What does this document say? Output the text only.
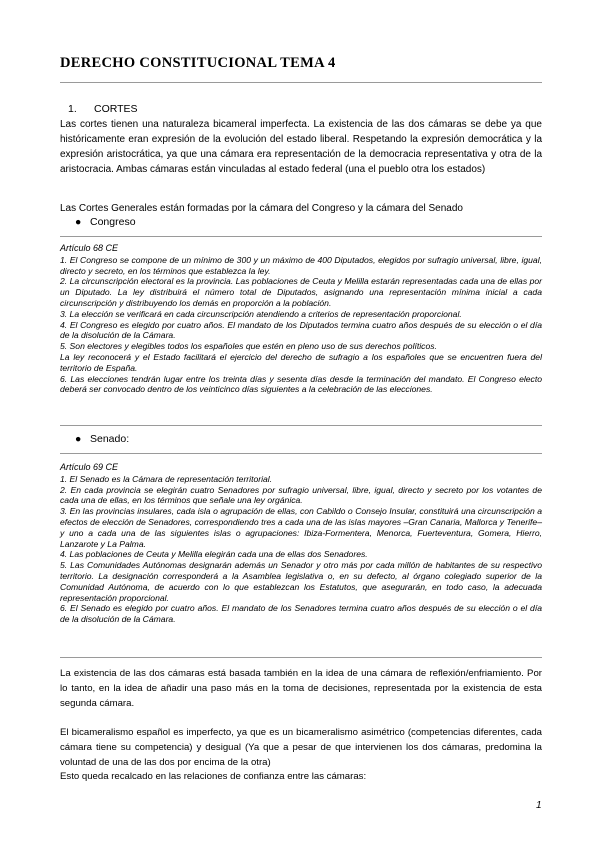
DERECHO CONSTITUCIONAL TEMA 4
1. CORTES

Las cortes tienen una naturaleza bicameral imperfecta. La existencia de las dos cámaras se debe ya que históricamente eran expresión de la evolución del estado liberal. Respetando la expresión democrática y la expresión aristocrática, ya que una cámara era representación de la democracia representativa y otra de la aristocracia. Ambas cámaras están vinculadas al estado federal (una el pueblo otra los estados)

Las Cortes Generales están formadas por la cámara del Congreso y la cámara del Senado

● Congreso

Artículo 68 CE

1. El Congreso se compone de un mínimo de 300 y un máximo de 400 Diputados, elegidos por sufragio universal, libre, igual, directo y secreto, en los términos que establezca la ley.

2. La circunscripción electoral es la provincia. Las poblaciones de Ceuta y Melilla estarán representadas cada una de ellas por un Diputado. La ley distribuirá el número total de Diputados, asignando una representación mínima inicial a cada circunscripción y distribuyendo los demás en proporción a la población.

3. La elección se verificará en cada circunscripción atendiendo a criterios de representación proporcional.

4. El Congreso es elegido por cuatro años. El mandato de los Diputados termina cuatro años después de su elección o el día de la disolución de la Cámara.

5. Son electores y elegibles todos los españoles que estén en pleno uso de sus derechos políticos.

La ley reconocerá y el Estado facilitará el ejercicio del derecho de sufragio a los españoles que se encuentren fuera del territorio de España.

6. Las elecciones tendrán lugar entre los treinta días y sesenta días desde la terminación del mandato. El Congreso electo deberá ser convocado dentro de los veinticinco días siguientes a la celebración de las elecciones.

● Senado:

Artículo 69 CE

1. El Senado es la Cámara de representación territorial.

2. En cada provincia se elegirán cuatro Senadores por sufragio universal, libre, igual, directo y secreto por los votantes de cada una de ellas, en los términos que señale una ley orgánica.

3. En las provincias insulares, cada isla o agrupación de ellas, con Cabildo o Consejo Insular, constituirá una circunscripción a efectos de elección de Senadores, correspondiendo tres a cada una de las islas mayores –Gran Canaria, Mallorca y Tenerife– y uno a cada una de las siguientes islas o agrupaciones: Ibiza-Formentera, Menorca, Fuerteventura, Gomera, Hierro, Lanzarote y La Palma.

4. Las poblaciones de Ceuta y Melilla elegirán cada una de ellas dos Senadores.

5. Las Comunidades Autónomas designarán además un Senador y otro más por cada millón de habitantes de su respectivo territorio. La designación corresponderá a la Asamblea legislativa o, en su defecto, al órgano colegiado superior de la Comunidad Autónoma, de acuerdo con lo que establezcan los Estatutos, que asegurarán, en todo caso, la adecuada representación proporcional.

6. El Senado es elegido por cuatro años. El mandato de los Senadores termina cuatro años después de su elección o el día de la disolución de la Cámara.

La existencia de las dos cámaras está basada también en la idea de una cámara de reflexión/enfriamiento. Por lo tanto, en la idea de añadir una paso más en la toma de decisiones, representada por la existencia de esta segunda cámara.

El bicameralismo español es imperfecto, ya que es un bicameralismo asimétrico (competencias diferentes, cada cámara tiene su competencia) y desigual (Ya que a pesar de que intervienen los dos cámaras, predomina la voluntad de una de las dos por encima de la otra)

Esto queda recalcado en las relaciones de confianza entre las cámaras:

1
